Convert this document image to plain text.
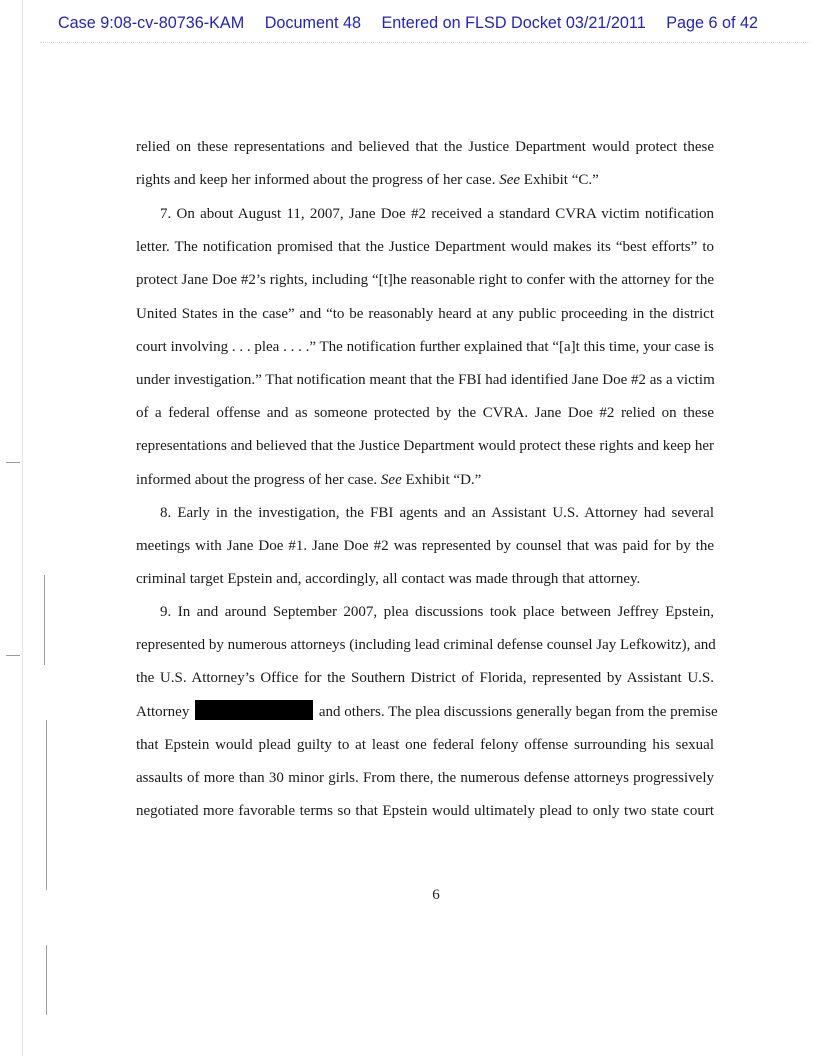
Case 9:08-cv-80736-KAM Document 48 Entered on FLSD Docket 03/21/2011 Page 6 of 42
relied on these representations and believed that the Justice Department would protect these
rights and keep her informed about the progress of her case. See Exhibit “C.”
7. On about August 11, 2007, Jane Doe #2 received a standard CVRA victim notification
letter. The notification promised that the Justice Department would makes its “best efforts” to
protect Jane Doe #2’s rights, including “[t]he reasonable right to confer with the attorney for the
United States in the case” and “to be reasonably heard at any public proceeding in the district
court involving . . . plea . . . .” The notification further explained that “[a]t this time, your case is
under investigation.” That notification meant that the FBI had identified Jane Doe #2 as a victim
of a federal offense and as someone protected by the CVRA. Jane Doe #2 relied on these
representations and believed that the Justice Department would protect these rights and keep her
informed about the progress of her case. See Exhibit “D.”
8. Early in the investigation, the FBI agents and an Assistant U.S. Attorney had several
meetings with Jane Doe #1. Jane Doe #2 was represented by counsel that was paid for by the
criminal target Epstein and, accordingly, all contact was made through that attorney.
9. In and around September 2007, plea discussions took place between Jeffrey Epstein,
represented by numerous attorneys (including lead criminal defense counsel Jay Lefkowitz), and
the U.S. Attorney’s Office for the Southern District of Florida, represented by Assistant U.S.
Attorney	and others. The plea discussions generally began from the premise
that Epstein would plead guilty to at least one federal felony offense surrounding his sexual
assaults of more than 30 minor girls. From there, the numerous defense attorneys progressively
negotiated more favorable terms so that Epstein would ultimately plead to only two state court
6
